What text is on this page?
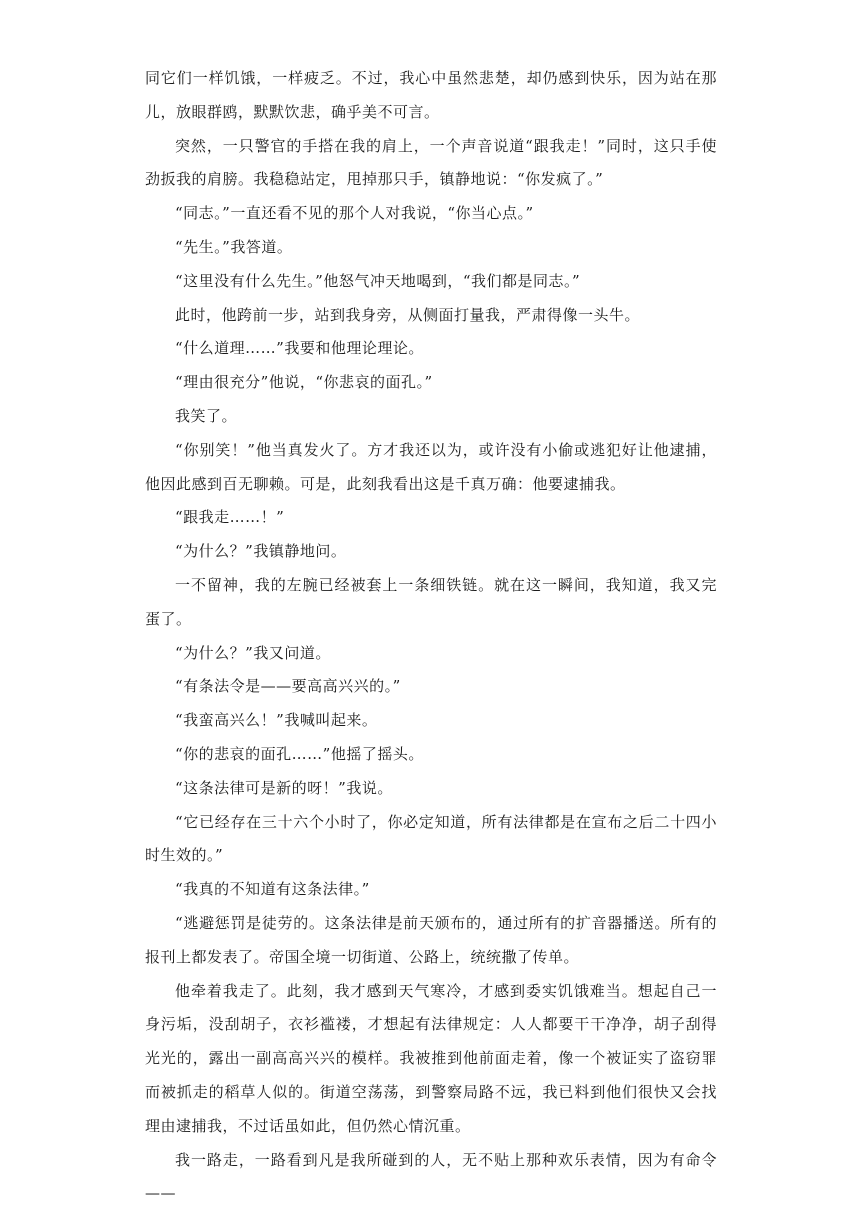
同它们一样饥饿，一样疲乏。不过，我心中虽然悲楚，却仍感到快乐，因为站在那儿，放眼群鸥，默默饮悲，确乎美不可言。

突然，一只警官的手搭在我的肩上，一个声音说道“跟我走！”同时，这只手使劲扳我的肩膀。我稳稳站定，甩掉那只手，镇静地说：“你发疯了。”

“同志。”一直还看不见的那个人对我说，“你当心点。”

“先生。”我答道。

“这里没有什么先生。”他怒气冲天地喝到，“我们都是同志。”

此时，他跨前一步，站到我身旁，从侧面打量我，严肃得像一头牛。

“什么道理……”我要和他理论理论。

“理由很充分”他说，“你悲哀的面孔。”

我笑了。

“你别笑！”他当真发火了。方才我还以为，或许没有小偷或逃犯好让他逮捕，他因此感到百无聊赖。可是，此刻我看出这是千真万确：他要逮捕我。

“跟我走……！”

“为什么？”我镇静地问。

一不留神，我的左腕已经被套上一条细铁链。就在这一瞬间，我知道，我又完蛋了。

“为什么？”我又问道。

“有条法令是——要高高兴兴的。”

“我蛮高兴么！”我喊叫起来。

“你的悲哀的面孔……”他摇了摇头。

“这条法律可是新的呀！”我说。

“它已经存在三十六个小时了，你必定知道，所有法律都是在宣布之后二十四小时生效的。”

“我真的不知道有这条法律。”

“逃避惩罚是徒劳的。这条法律是前天颁布的，通过所有的扩音器播送。所有的报刊上都发表了。帝国全境一切街道、公路上，统统撒了传单。

他牵着我走了。此刻，我才感到天气寒冷，才感到委实饥饿难当。想起自己一身污垢，没刮胡子，衣衫褴褛，才想起有法律规定：人人都要干干净净，胡子刮得光光的，露出一副高高兴兴的模样。我被推到他前面走着，像一个被证实了盗窃罪而被抓走的稻草人似的。街道空荡荡，到警察局路不远，我已料到他们很快又会找理由逮捕我，不过话虽如此，但仍然心情沉重。

我一路走，一路看到凡是我所碰到的人，无不贴上那种欢乐表情，因为有命令——
